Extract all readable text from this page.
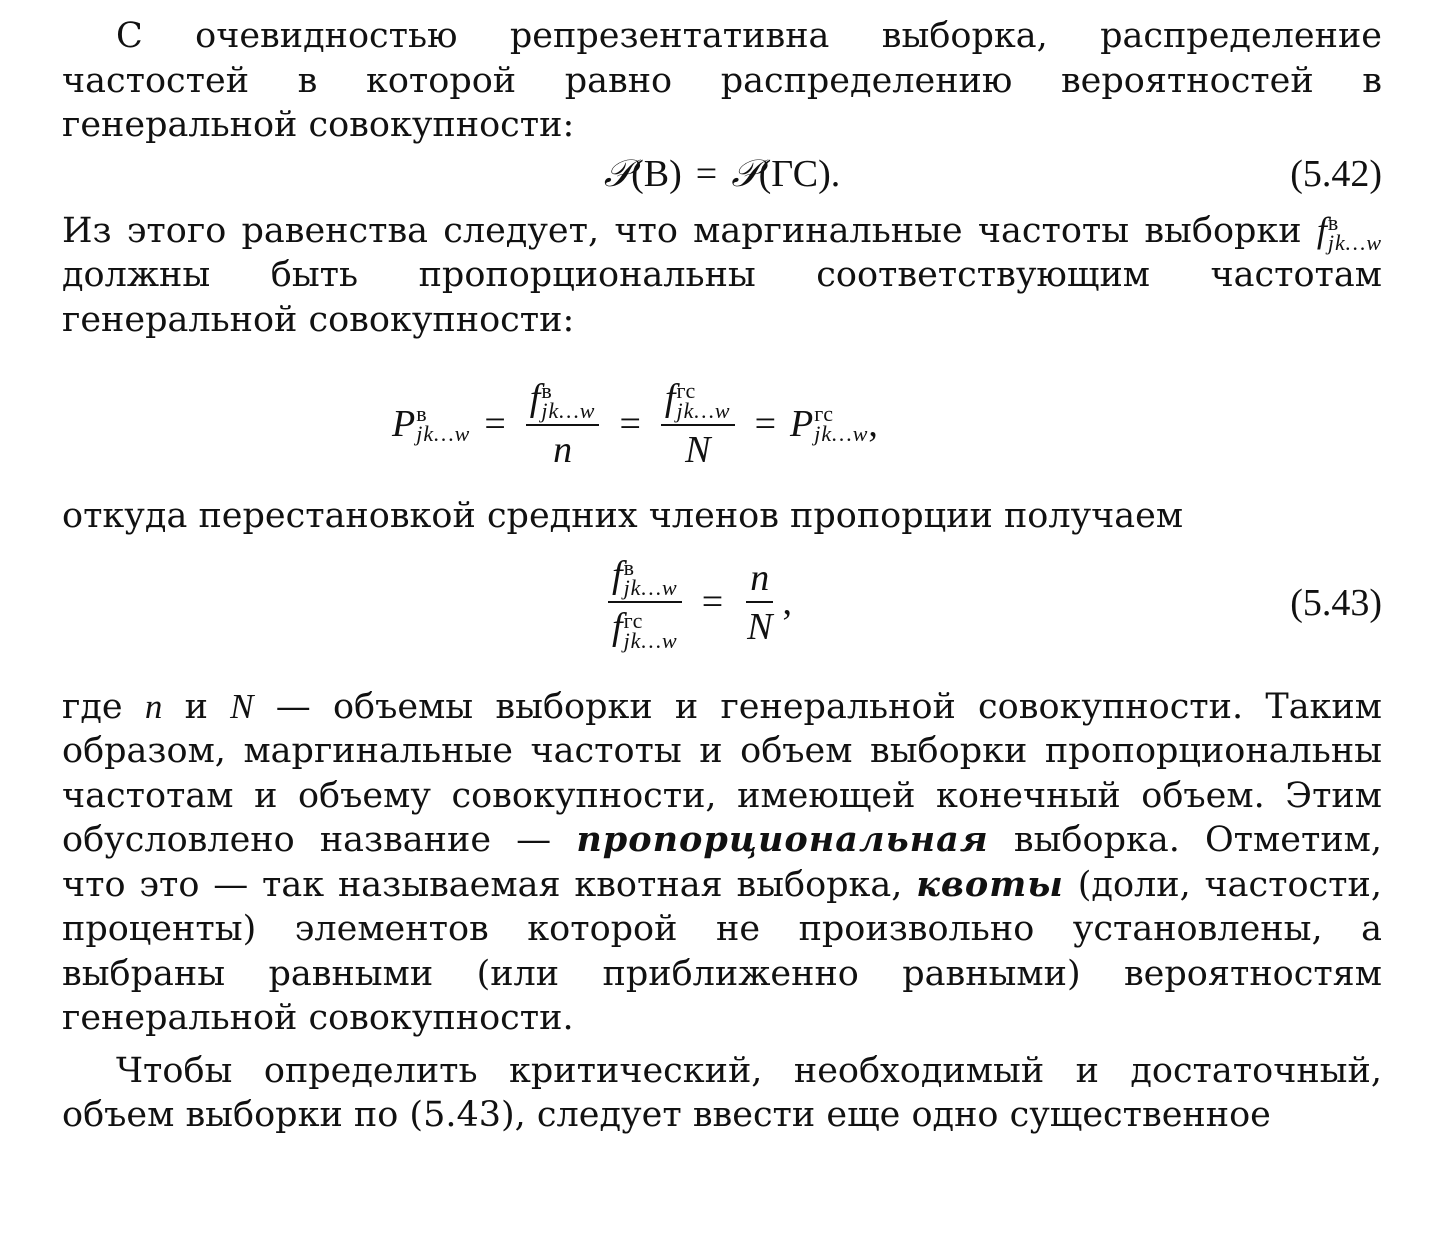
С очевидностью репрезентативна выборка, распределение частостей в которой равно распределению вероятностей в генеральной совокупности:

𝒫(В) = 𝒫(ГС).	(5.42)

Из этого равенства следует, что маргинальные частоты выборки f в
jk…w
должны быть пропорциональны соответствующим частотам генеральной совокупности:

P в
jk…w = f в
jk…w
n = f гс
jk…w
N = P гс
jk…w ,

откуда перестановкой средних членов пропорции получаем

f в
jk…w
f гс
jk…w = $\frac{n}{N}$ ,	(5.43)

где n и N — объемы выборки и генеральной совокупности. Таким образом, маргинальные частоты и объем выборки пропорциональны частотам и объему совокупности, имеющей конечный объем. Этим обусловлено название — пропорциональная выборка. Отметим, что это — так называемая квотная выборка, квоты (доли, частости, проценты) элементов которой не произвольно установлены, а выбраны равными (или приближенно равными) вероятностям генеральной совокупности.

Чтобы определить критический, необходимый и достаточный, объем выборки по (5.43), следует ввести еще одно существенное
